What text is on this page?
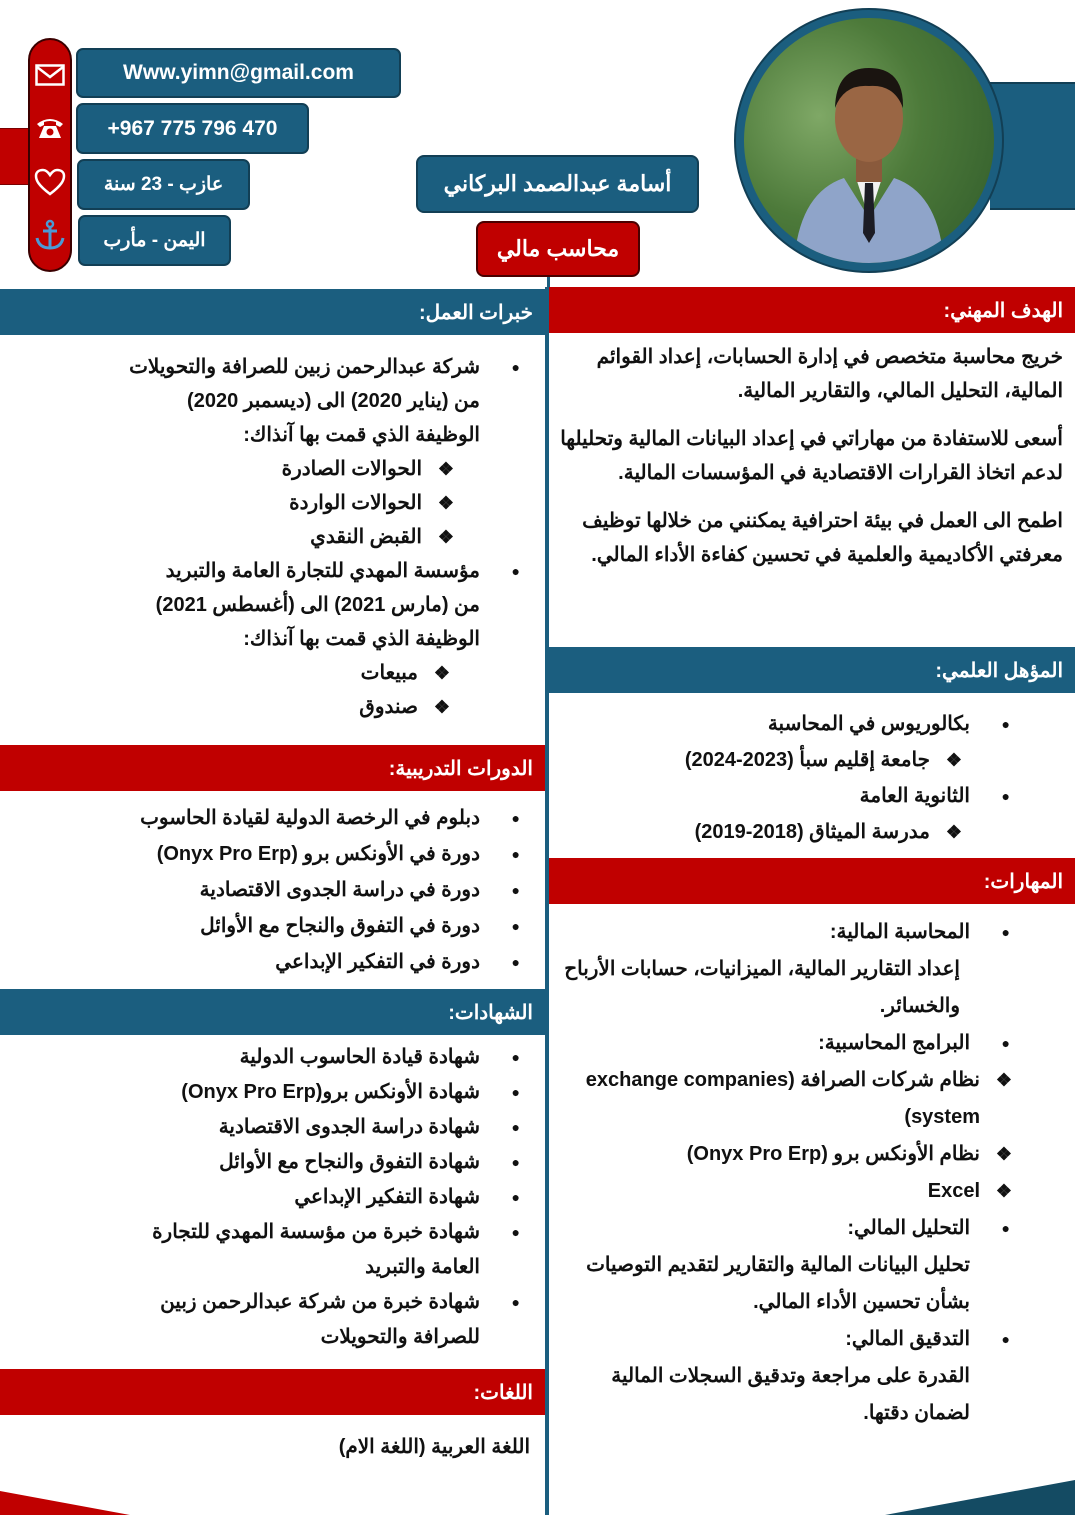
Www.yimn@gmail.com
+967 775 796 470
عازب - 23 سنة
اليمن - مأرب
أسامة عبدالصمد البركاني
محاسب مالي
الهدف المهني:

خريج محاسبة متخصص في إدارة الحسابات، إعداد القوائم المالية، التحليل المالي، والتقارير المالية.

أسعى للاستفادة من مهاراتي في إعداد البيانات المالية وتحليلها لدعم اتخاذ القرارات الاقتصادية في المؤسسات المالية.

اطمح الى العمل في بيئة احترافية يمكنني من خلالها توظيف معرفتي الأكاديمية والعلمية في تحسين كفاءة الأداء المالي.

المؤهل العلمي:
● بكالوريوس في المحاسبة
❖ جامعة إقليم سبأ (2023-2024)
● الثانوية العامة
❖ مدرسة الميثاق (2018-2019)
المهارات:
● المحاسبة المالية:

إعداد التقارير المالية، الميزانيات، حسابات الأرباح والخسائر.
● البرامج المحاسبية:
❖ نظام شركات الصرافة (exchange companies system)
❖ نظام الأونكس برو (Onyx Pro Erp)
❖ Excel
● التحليل المالي:
تحليل البيانات المالية والتقارير لتقديم التوصيات بشأن تحسين الأداء المالي.
● التدقيق المالي:
القدرة على مراجعة وتدقيق السجلات المالية لضمان دقتها.
خبرات العمل:
● شركة عبدالرحمن زبين للصرافة والتحويلات
من (يناير 2020) الى (ديسمبر 2020)
الوظيفة الذي قمت بها آنذاك:
❖ الحوالات الصادرة
❖ الحوالات الواردة
❖ القبض النقدي
● مؤسسة المهدي للتجارة العامة والتبريد
من (مارس 2021) الى (أغسطس 2021)
الوظيفة الذي قمت بها آنذاك:
❖ مبيعات
❖ صندوق
الدورات التدريبية:
● دبلوم في الرخصة الدولية لقيادة الحاسوب
● دورة في الأونكس برو (Onyx Pro Erp)
● دورة في دراسة الجدوى الاقتصادية
● دورة في التفوق والنجاح مع الأوائل
● دورة في التفكير الإبداعي
الشهادات:
● شهادة قيادة الحاسوب الدولية
● شهادة الأونكس برو(Onyx Pro Erp)
● شهادة دراسة الجدوى الاقتصادية
● شهادة التفوق والنجاح مع الأوائل
● شهادة التفكير الإبداعي
● شهادة خبرة من مؤسسة المهدي للتجارة العامة والتبريد
● شهادة خبرة من شركة عبدالرحمن زبين للصرافة والتحويلات
اللغات:
اللغة العربية (اللغة الام)
